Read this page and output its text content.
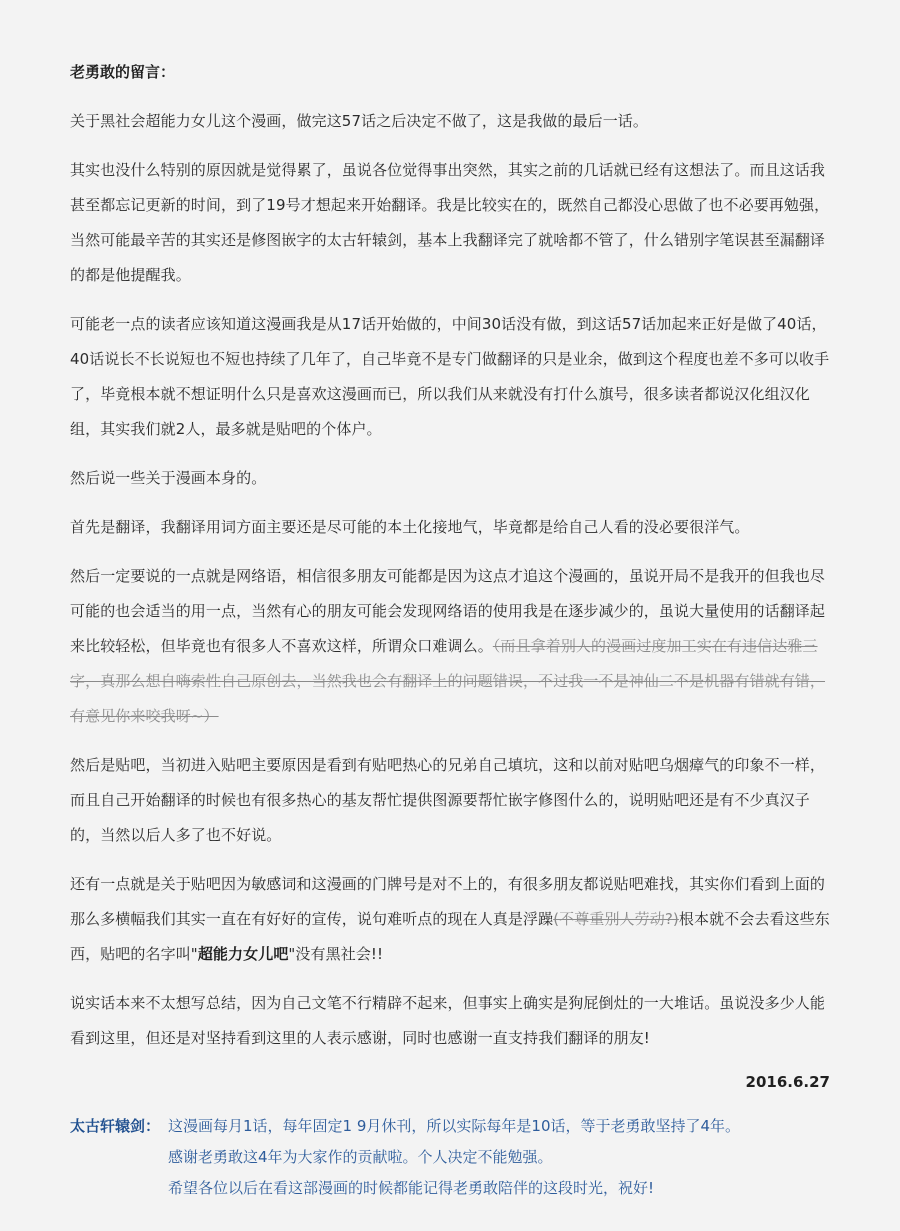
老勇敢的留言：

关于黑社会超能力女儿这个漫画，做完这57话之后决定不做了，这是我做的最后一话。

其实也没什么特别的原因就是觉得累了，虽说各位觉得事出突然，其实之前的几话就已经有这想法了。而且这话我甚至都忘记更新的时间，到了19号才想起来开始翻译。我是比较实在的，既然自己都没心思做了也不必要再勉强，当然可能最辛苦的其实还是修图嵌字的太古轩辕剑，基本上我翻译完了就啥都不管了，什么错别字笔误甚至漏翻译的都是他提醒我。

可能老一点的读者应该知道这漫画我是从17话开始做的，中间30话没有做，到这话57话加起来正好是做了40话，40话说长不长说短也不短也持续了几年了，自己毕竟不是专门做翻译的只是业余，做到这个程度也差不多可以收手了，毕竟根本就不想证明什么只是喜欢这漫画而已，所以我们从来就没有打什么旗号，很多读者都说汉化组汉化组，其实我们就2人，最多就是贴吧的个体户。

然后说一些关于漫画本身的。

首先是翻译，我翻译用词方面主要还是尽可能的本土化接地气，毕竟都是给自己人看的没必要很洋气。

然后一定要说的一点就是网络语，相信很多朋友可能都是因为这点才追这个漫画的，虽说开局不是我开的但我也尽可能的也会适当的用一点，当然有心的朋友可能会发现网络语的使用我是在逐步减少的，虽说大量使用的话翻译起来比较轻松，但毕竟也有很多人不喜欢这样，所谓众口难调么。（而且拿着别人的漫画过度加工实在有违信达雅三字，真那么想自嗨索性自己原创去，当然我也会有翻译上的问题错误，不过我一不是神仙二不是机器有错就有错，有意见你来咬我呀~）

然后是贴吧，当初进入贴吧主要原因是看到有贴吧热心的兄弟自己填坑，这和以前对贴吧乌烟瘴气的印象不一样，而且自己开始翻译的时候也有很多热心的基友帮忙提供图源要帮忙嵌字修图什么的，说明贴吧还是有不少真汉子的，当然以后人多了也不好说。

还有一点就是关于贴吧因为敏感词和这漫画的门牌号是对不上的，有很多朋友都说贴吧难找，其实你们看到上面的那么多横幅我们其实一直在有好好的宣传，说句难听点的现在人真是浮躁(不尊重别人劳动?)根本就不会去看这些东西，贴吧的名字叫"超能力女儿吧"没有黑社会!!

说实话本来不太想写总结，因为自己文笔不行精辟不起来，但事实上确实是狗屁倒灶的一大堆话。虽说没多少人能看到这里，但还是对坚持看到这里的人表示感谢，同时也感谢一直支持我们翻译的朋友!

2016.6.27
太古轩辕剑： 这漫画每月1话，每年固定1 9月休刊，所以实际每年是10话，等于老勇敢坚持了4年。
感谢老勇敢这4年为大家作的贡献啦。个人决定不能勉强。
希望各位以后在看这部漫画的时候都能记得老勇敢陪伴的这段时光，祝好!
